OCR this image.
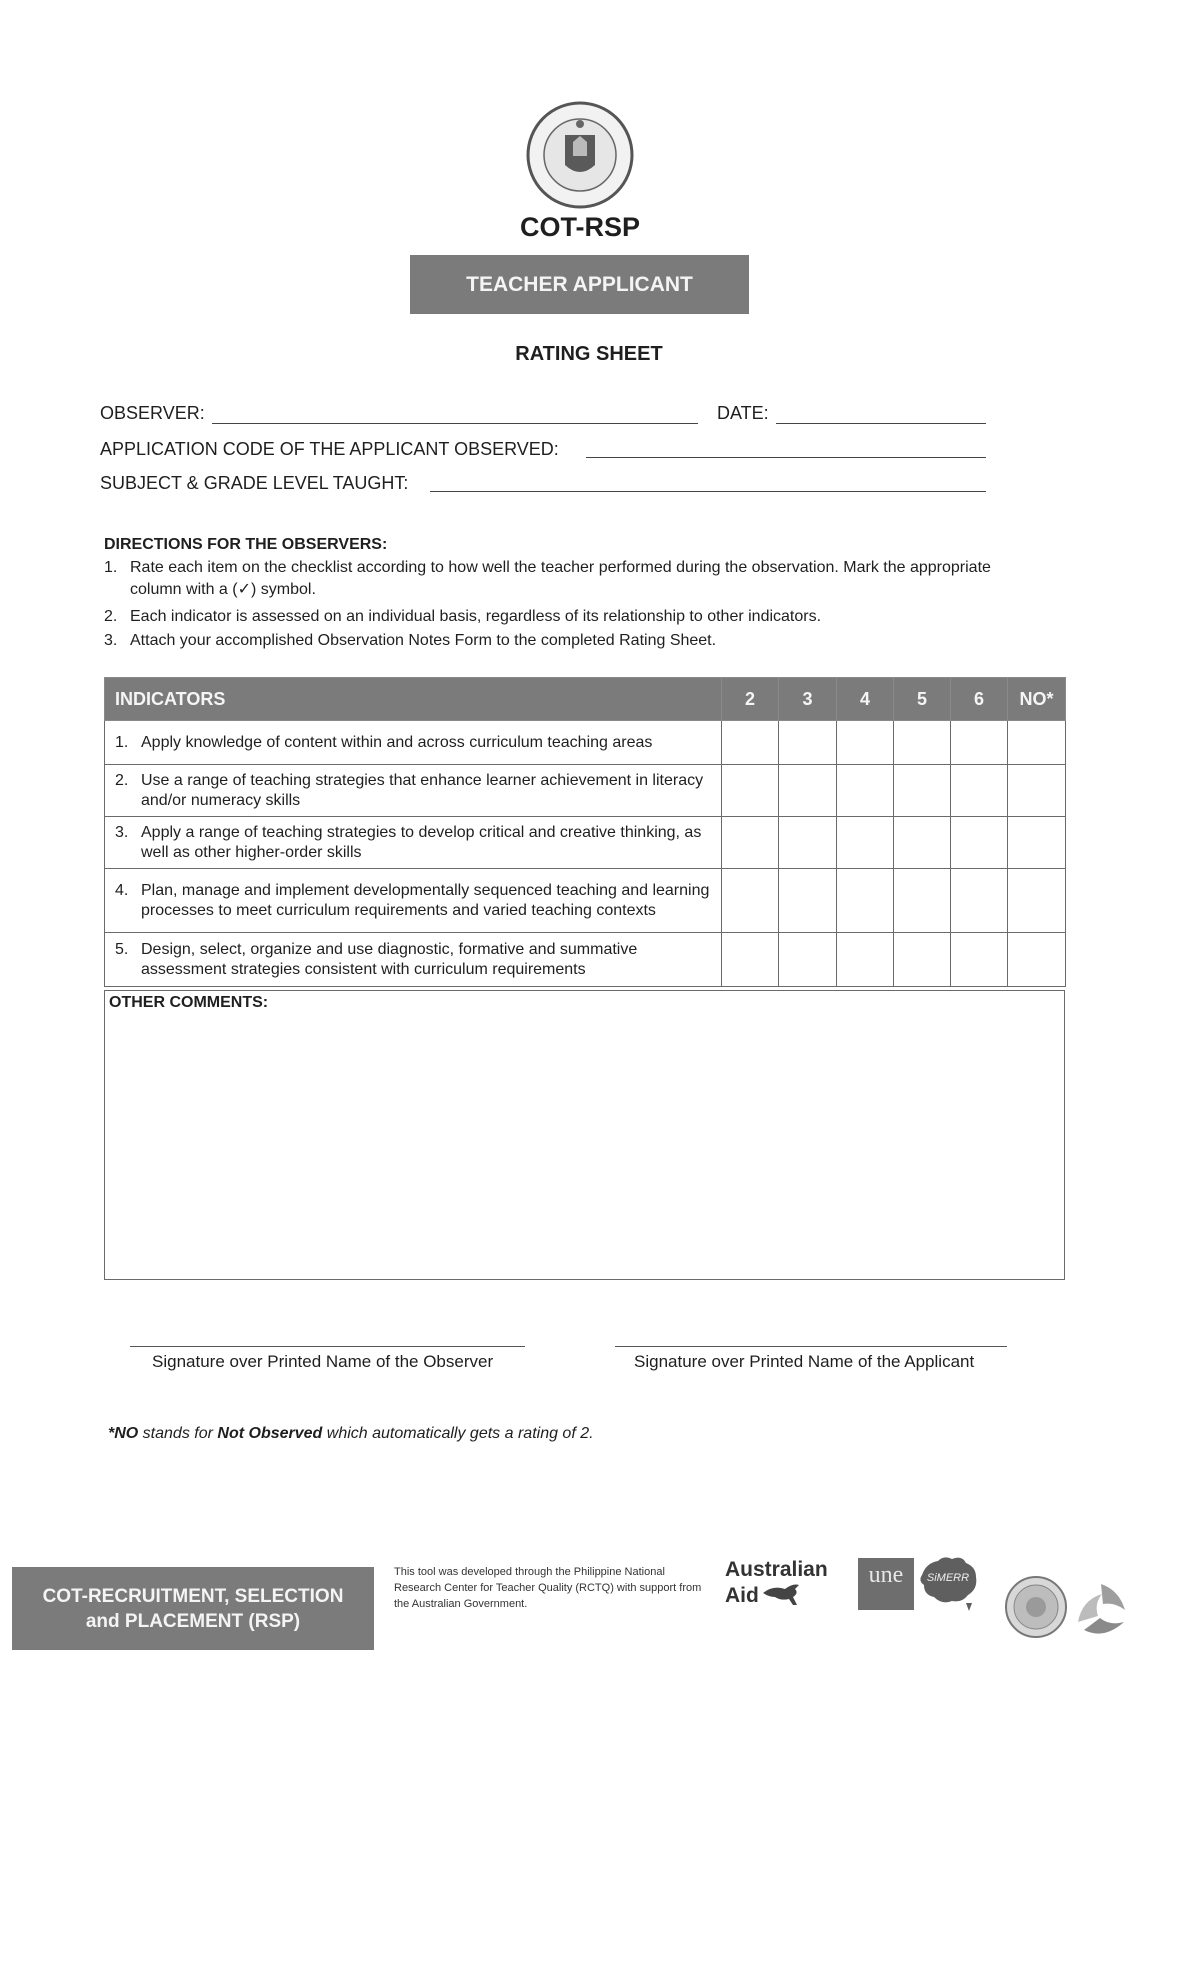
COT-RSP
TEACHER APPLICANT
RATING SHEET
OBSERVER:	DATE:
APPLICATION CODE OF THE APPLICANT OBSERVED:
SUBJECT & GRADE LEVEL TAUGHT:
DIRECTIONS FOR THE OBSERVERS:
1. Rate each item on the checklist according to how well the teacher performed during the observation. Mark the appropriate column with a (✓) symbol.
2. Each indicator is assessed on an individual basis, regardless of its relationship to other indicators.
3. Attach your accomplished Observation Notes Form to the completed Rating Sheet.
INDICATORS	2	3	4	5	6	NO*

1. Apply knowledge of content within and across curriculum teaching areas						

2. Use a range of teaching strategies that enhance learner achievement in literacy and/or numeracy skills						

3. Apply a range of teaching strategies to develop critical and creative thinking, as well as other higher-order skills						

4. Plan, manage and implement developmentally sequenced teaching and learning processes to meet curriculum requirements and varied teaching contexts						

5. Design, select, organize and use diagnostic, formative and summative assessment strategies consistent with curriculum requirements						

OTHER COMMENTS:
Signature over Printed Name of the Observer	Signature over Printed Name of the Applicant
*NO stands for Not Observed which automatically gets a rating of 2.
COT-RECRUITMENT, SELECTION
and PLACEMENT (RSP)
This tool was developed through the Philippine National Research Center for Teacher Quality (RCTQ) with support from the Australian Government.
Australian
Aid
une	SiMERR
